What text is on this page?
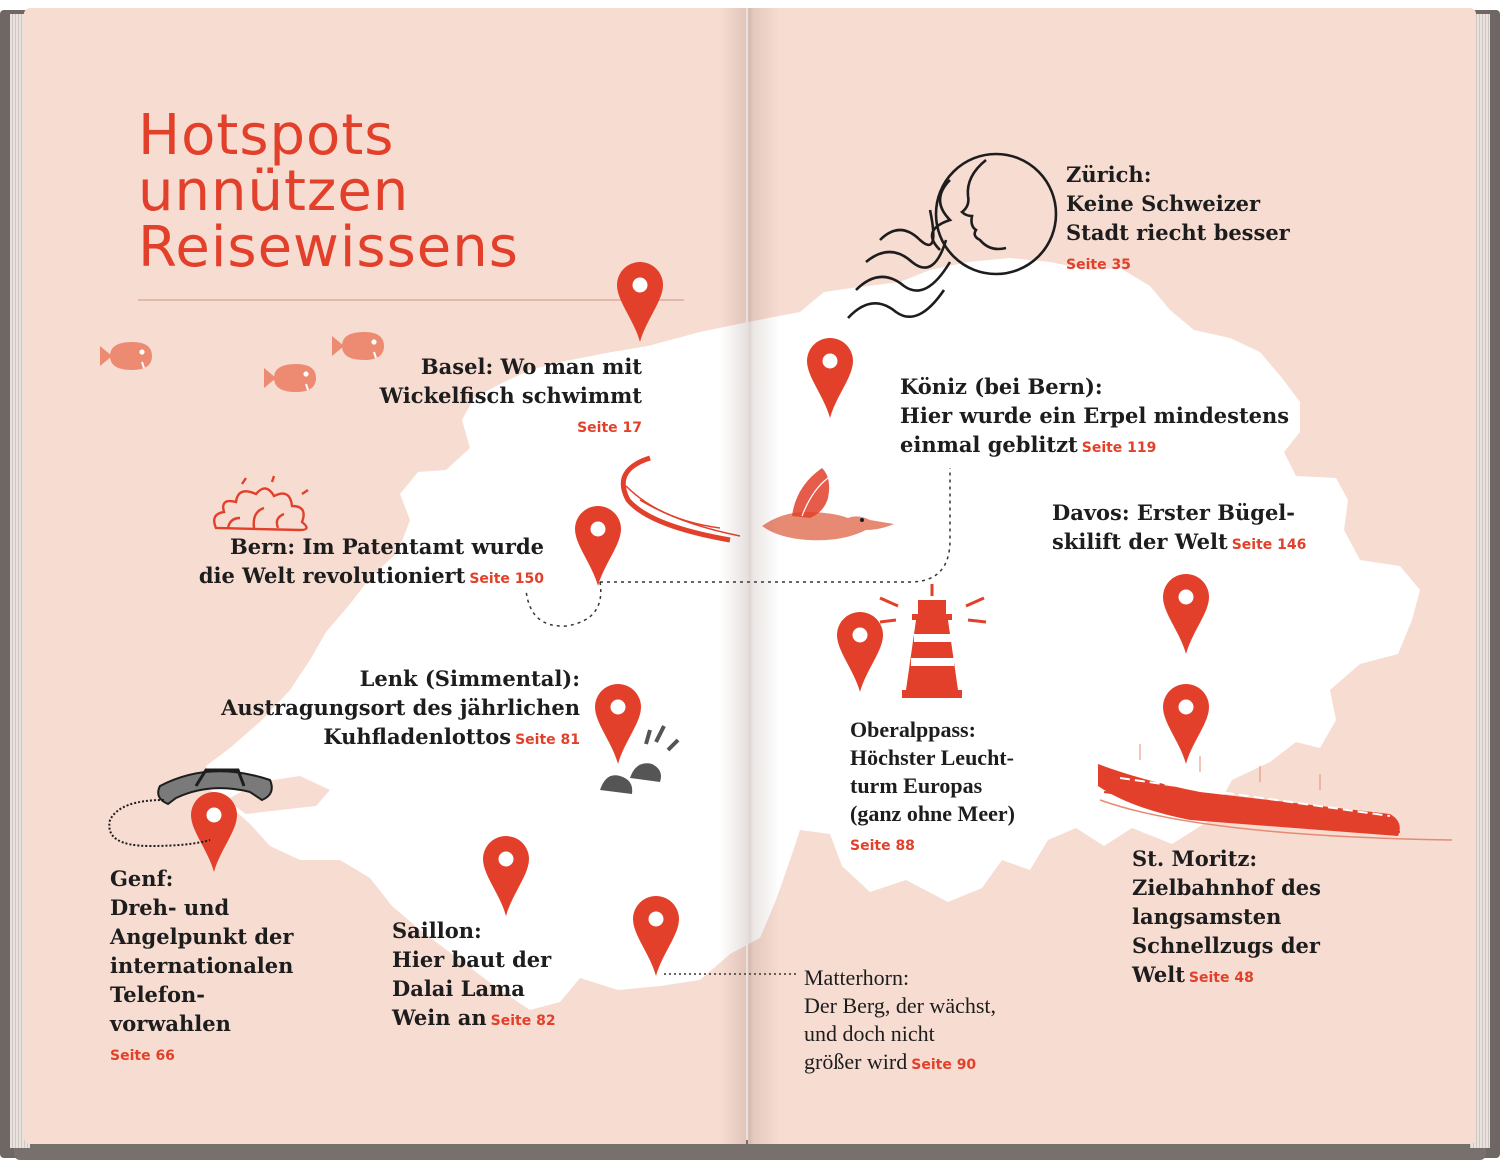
Hotspots
unnützen
Reisewissens
Basel: Wo man mit
Wickelfisch schwimmt
Seite 17
Bern: Im Patentamt wurde
die Welt revolutioniert Seite 150
Lenk (Simmental):
Austragungsort des jährlichen
Kuhfladenlottos Seite 81
Genf:
Dreh- und
Angelpunkt der
internationalen
Telefon-
vorwahlen
Seite 66
Saillon:
Hier baut der
Dalai Lama
Wein an Seite 82
Matterhorn:
Der Berg, der wächst,
und doch nicht
größer wird Seite 90
Zürich:
Keine Schweizer
Stadt riecht besser
Seite 35
Köniz (bei Bern):
Hier wurde ein Erpel mindestens
einmal geblitzt Seite 119
Davos: Erster Bügel-
skilift der Welt Seite 146
Oberalppass:
Höchster Leucht-
turm Europas
(ganz ohne Meer)
Seite 88	St. Moritz:
Zielbahnhof des
langsamsten
Schnellzugs der
Welt Seite 48
